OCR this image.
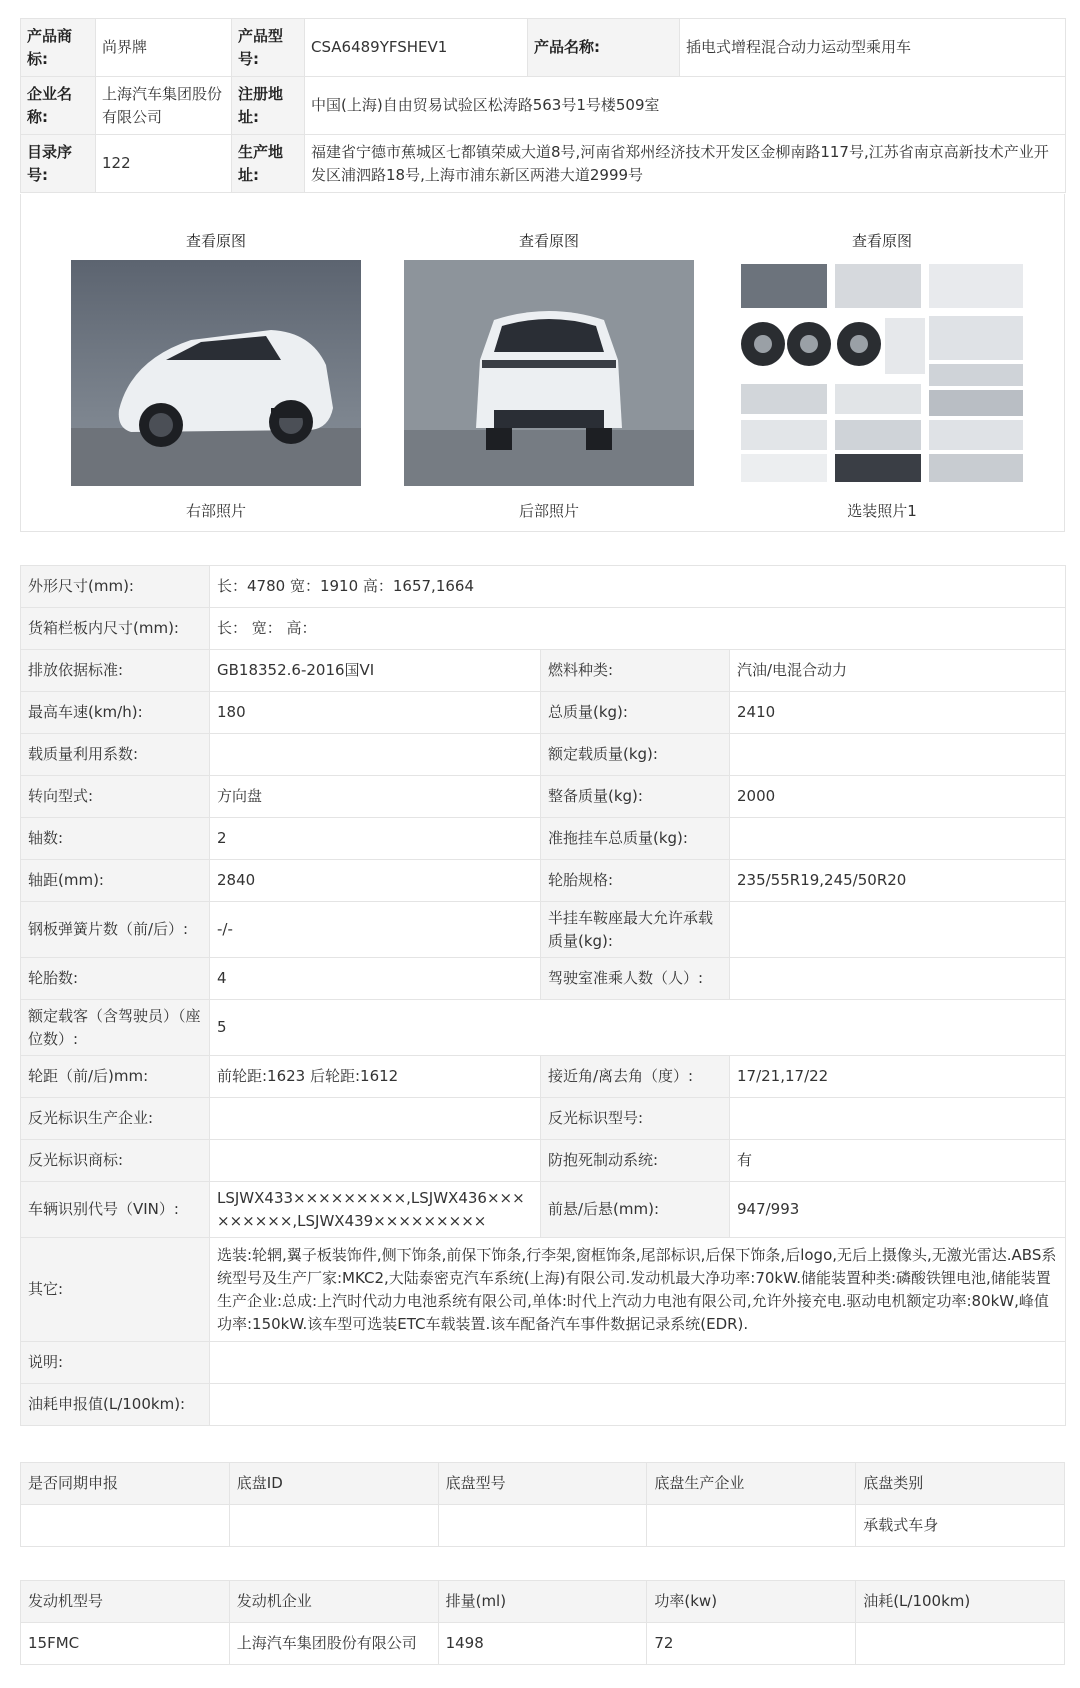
产品商标:	尚界牌	产品型号:	CSA6489YFSHEV1	产品名称:	插电式增程混合动力运动型乘用车
企业名称:	上海汽车集团股份有限公司	注册地址:	中国(上海)自由贸易试验区松涛路563号1号楼509室		
目录序号:	122	生产地址:	福建省宁德市蕉城区七都镇荣威大道8号,河南省郑州经济技术开发区金柳南路117号,江苏省南京高新技术产业开发区浦泗路18号,上海市浦东新区两港大道2999号		
查看原图
右部照片
查看原图
后部照片
查看原图
选装照片1
外形尺寸(mm):	长：4780 宽：1910 高：1657,1664		
货箱栏板内尺寸(mm):	长： 宽： 高：		
排放依据标准:	GB18352.6-2016国VI	燃料种类:	汽油/电混合动力
最高车速(km/h):	180	总质量(kg):	2410
载质量利用系数:		额定载质量(kg):	
转向型式:	方向盘	整备质量(kg):	2000
轴数:	2	准拖挂车总质量(kg):	
轴距(mm):	2840	轮胎规格:	235/55R19,245/50R20
钢板弹簧片数（前/后）:	-/-	半挂车鞍座最大允许承载质量(kg):	
轮胎数:	4	驾驶室准乘人数（人）:	
额定载客（含驾驶员）（座位数）:	5		
轮距（前/后)mm:	前轮距:1623 后轮距:1612	接近角/离去角（度）:	17/21,17/22
反光标识生产企业:		反光标识型号:	
反光标识商标:		防抱死制动系统:	有
车辆识别代号（VIN）:	LSJWX433×××××××××,LSJWX436×××××××××,LSJWX439×××××××××	前悬/后悬(mm):	947/993
其它:	选装:轮辋,翼子板装饰件,侧下饰条,前保下饰条,行李架,窗框饰条,尾部标识,后保下饰条,后logo,无后上摄像头,无激光雷达.ABS系统型号及生产厂家:MKC2,大陆泰密克汽车系统(上海)有限公司.发动机最大净功率:70kW.储能装置种类:磷酸铁锂电池,储能装置生产企业:总成:上汽时代动力电池系统有限公司,单体:时代上汽动力电池有限公司,允许外接充电.驱动电机额定功率:80kW,峰值功率:150kW.该车型可选装ETC车载装置.该车配备汽车事件数据记录系统(EDR).		
说明:			
油耗申报值(L/100km):			
是否同期申报	底盘ID	底盘型号	底盘生产企业	底盘类别
				承载式车身
发动机型号	发动机企业	排量(ml)	功率(kw)	油耗(L/100km)
15FMC	上海汽车集团股份有限公司	1498	72	
